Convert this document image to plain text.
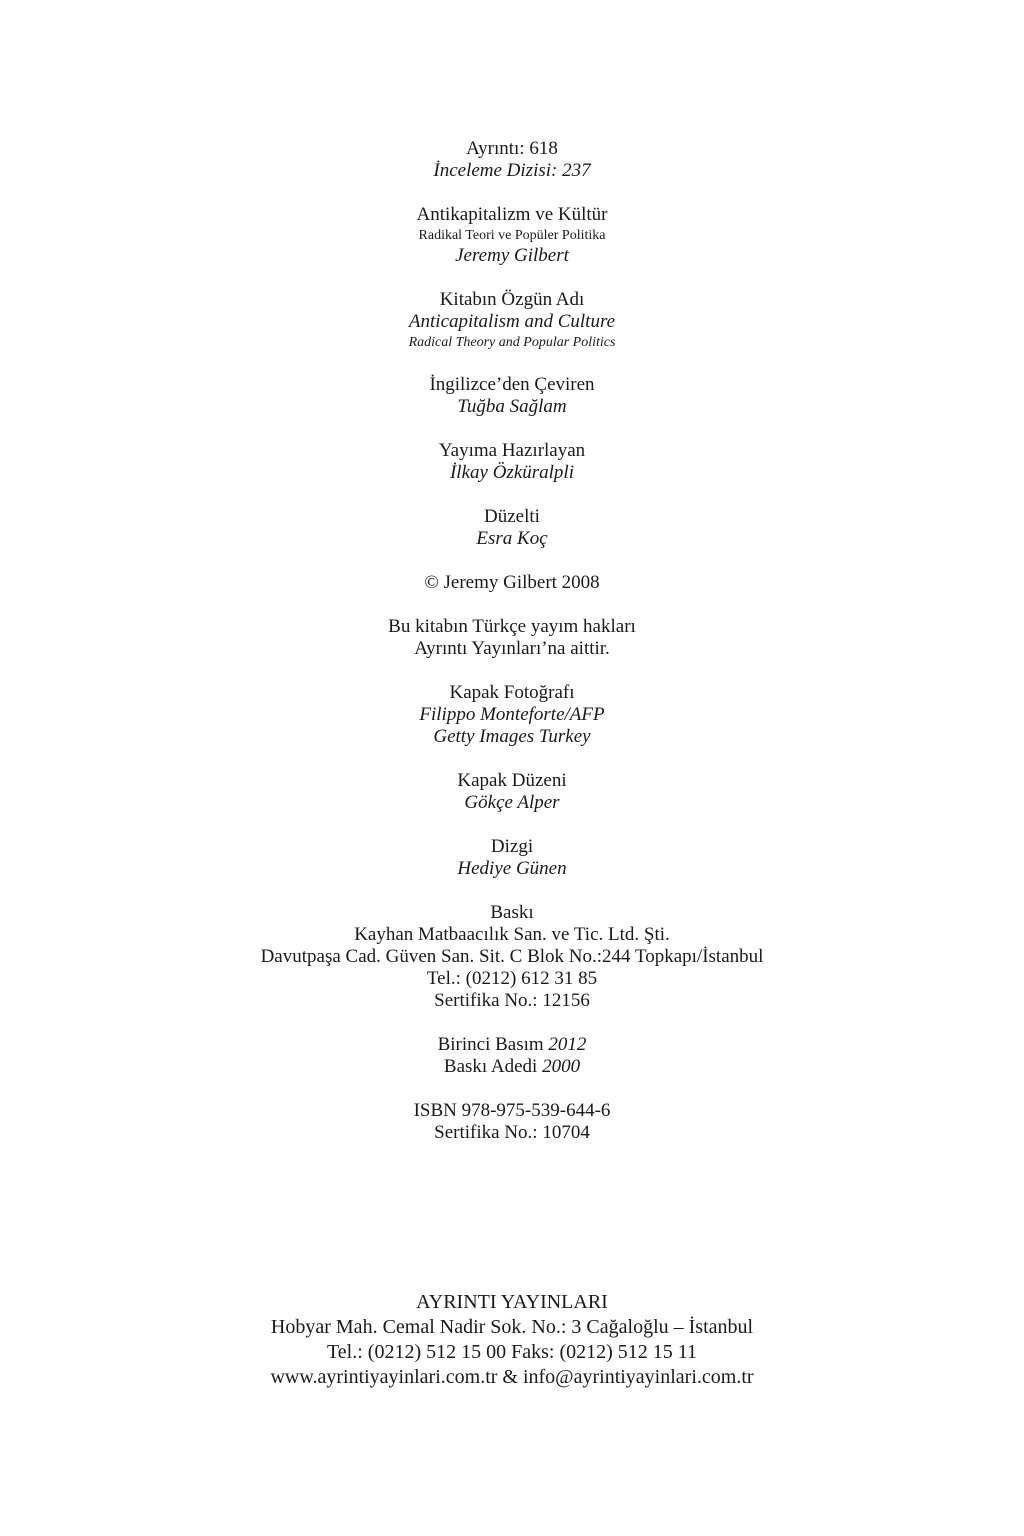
Ayrıntı: 618
İnceleme Dizisi: 237
Antikapitalizm ve Kültür
Radikal Teori ve Popüler Politika
Jeremy Gilbert
Kitabın Özgün Adı
Anticapitalism and Culture
Radical Theory and Popular Politics
İngilizce’den Çeviren
Tuğba Sağlam
Yayıma Hazırlayan
İlkay Özküralpli
Düzelti
Esra Koç
© Jeremy Gilbert 2008
Bu kitabın Türkçe yayım hakları
Ayrıntı Yayınları’na aittir.
Kapak Fotoğrafı
Filippo Monteforte/AFP
Getty Images Turkey
Kapak Düzeni
Gökçe Alper
Dizgi
Hediye Günen
Baskı
Kayhan Matbaacılık San. ve Tic. Ltd. Şti.
Davutpaşa Cad. Güven San. Sit. C Blok No.:244 Topkapı/İstanbul
Tel.: (0212) 612 31 85
Sertifika No.: 12156
Birinci Basım 2012
Baskı Adedi 2000
ISBN 978-975-539-644-6
Sertifika No.: 10704
AYRINTI YAYINLARI
Hobyar Mah. Cemal Nadir Sok. No.: 3 Cağaloğlu – İstanbul
Tel.: (0212) 512 15 00 Faks: (0212) 512 15 11
www.ayrintiyayinlari.com.tr & info@ayrintiyayinlari.com.tr
